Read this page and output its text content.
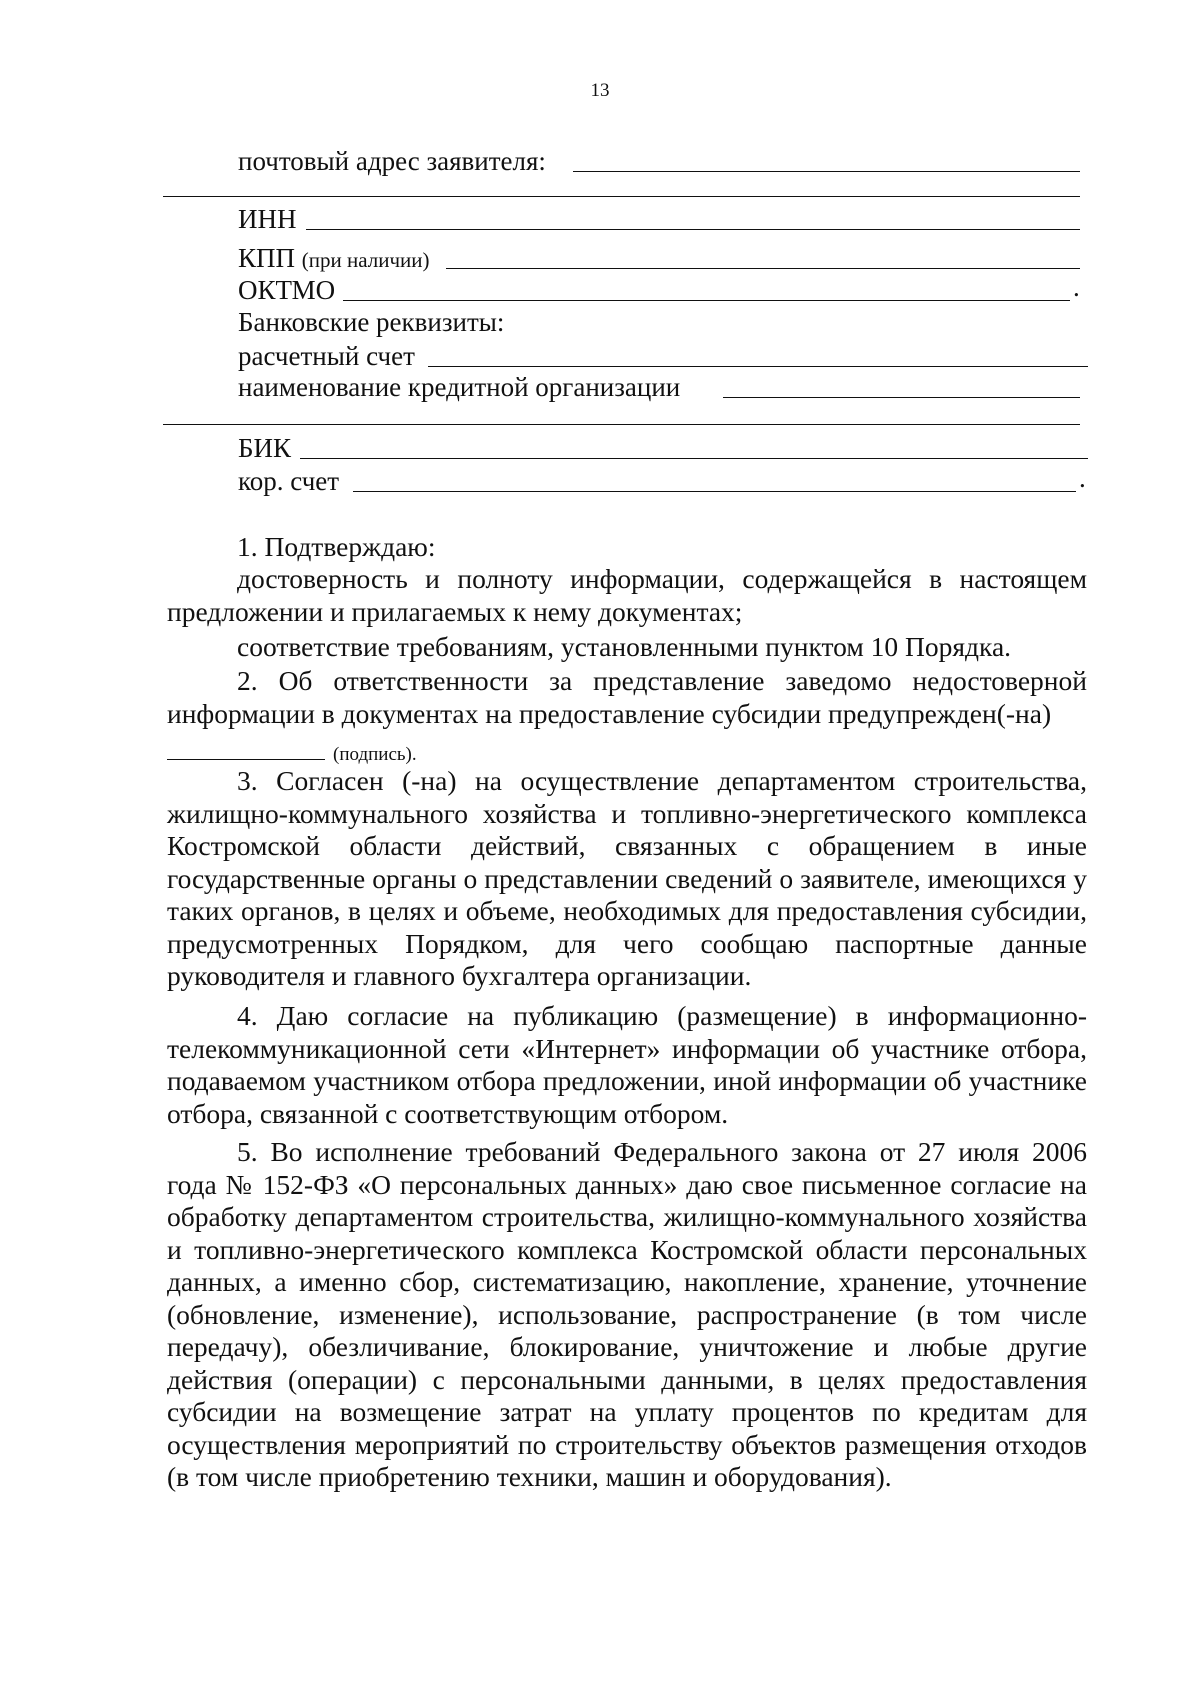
13
почтовый адрес заявителя:
ИНН
КПП (при наличии)
ОКТМО	.
Банковские реквизиты:
расчетный счет
наименование кредитной организации
БИК
кор. счет	.

1. Подтверждаю:

достоверность и полноту информации, содержащейся в настоящем предложении и прилагаемых к нему документах;

соответствие требованиям, установленными пунктом 10 Порядка.

2. Об ответственности за представление заведомо недостоверной информации в документах на предоставление субсидии предупрежден(-на)

(подпись).

3. Согласен (-на) на осуществление департаментом строительства, жилищно-коммунального хозяйства и топливно-энергетического комплекса Костромской области действий, связанных с обращением в иные государственные органы о представлении сведений о заявителе, имеющихся у таких органов, в целях и объеме, необходимых для предоставления субсидии, предусмотренных Порядком, для чего сообщаю паспортные данные руководителя и главного бухгалтера организации.

4. Даю согласие на публикацию (размещение) в информационно-телекоммуникационной сети «Интернет» информации об участнике отбора, подаваемом участником отбора предложении, иной информации об участнике отбора, связанной с соответствующим отбором.

5. Во исполнение требований Федерального закона от 27 июля 2006 года № 152-ФЗ «О персональных данных» даю свое письменное согласие на обработку департаментом строительства, жилищно-коммунального хозяйства и топливно-энергетического комплекса Костромской области персональных данных, а именно сбор, систематизацию, накопление, хранение, уточнение (обновление, изменение), использование, распространение (в том числе передачу), обезличивание, блокирование, уничтожение и любые другие действия (операции) с персональными данными, в целях предоставления субсидии на возмещение затрат на уплату процентов по кредитам для осуществления мероприятий по строительству объектов размещения отходов (в том числе приобретению техники, машин и оборудования).
